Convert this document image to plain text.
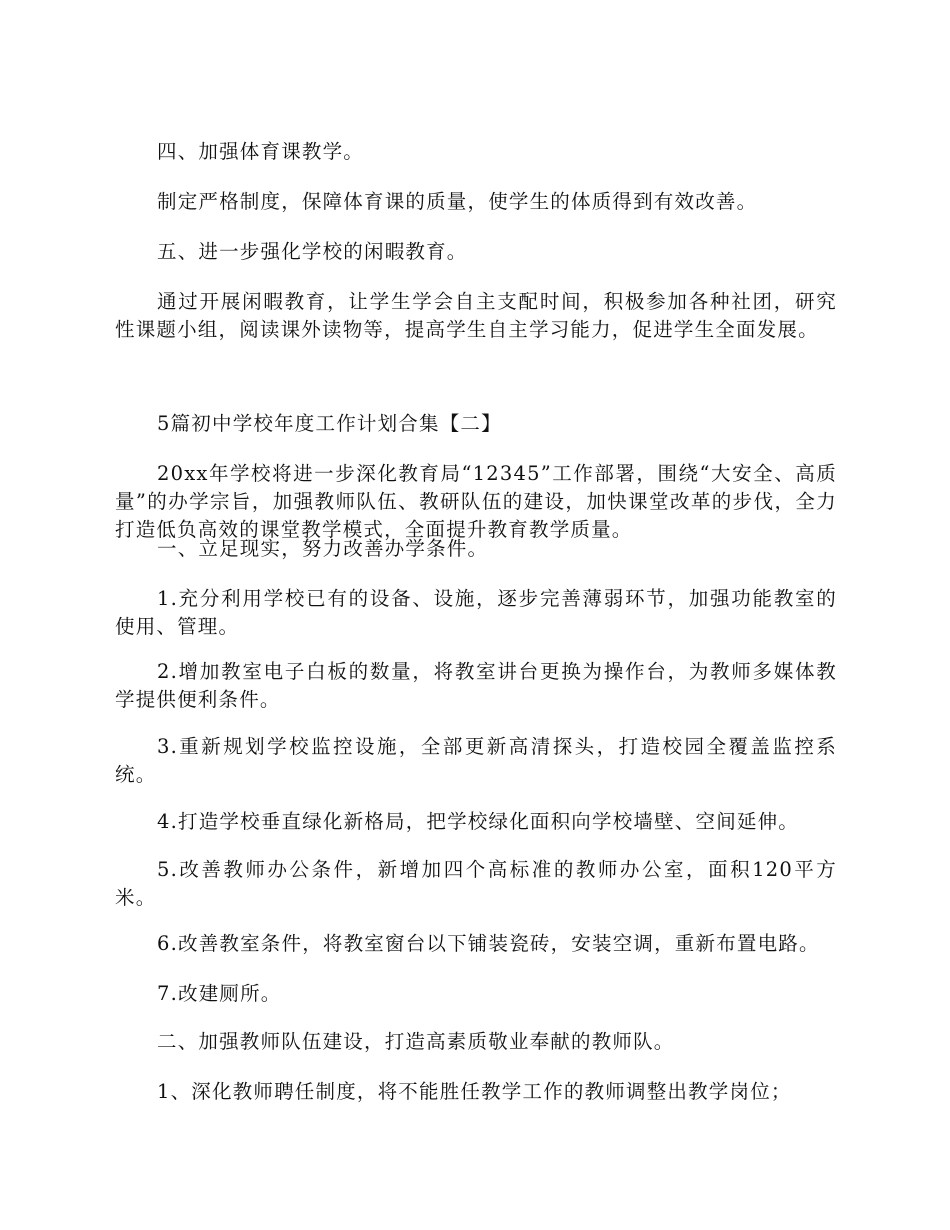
四、加强体育课教学。

制定严格制度，保障体育课的质量，使学生的体质得到有效改善。

五、进一步强化学校的闲暇教育。

通过开展闲暇教育，让学生学会自主支配时间，积极参加各种社团，研究性课题小组，阅读课外读物等，提高学生自主学习能力，促进学生全面发展。

5篇初中学校年度工作计划合集【二】

20xx年学校将进一步深化教育局“12345”工作部署，围绕“大安全、高质量”的办学宗旨，加强教师队伍、教研队伍的建设，加快课堂改革的步伐，全力打造低负高效的课堂教学模式，全面提升教育教学质量。

一、立足现实，努力改善办学条件。

1.充分利用学校已有的设备、设施，逐步完善薄弱环节，加强功能教室的使用、管理。

2.增加教室电子白板的数量，将教室讲台更换为操作台，为教师多媒体教学提供便利条件。

3.重新规划学校监控设施，全部更新高清探头，打造校园全覆盖监控系统。

4.打造学校垂直绿化新格局，把学校绿化面积向学校墙壁、空间延伸。

5.改善教师办公条件，新增加四个高标准的教师办公室，面积120平方米。

6.改善教室条件，将教室窗台以下铺装瓷砖，安装空调，重新布置电路。

7.改建厕所。

二、加强教师队伍建设，打造高素质敬业奉献的教师队。

1、深化教师聘任制度，将不能胜任教学工作的教师调整出教学岗位；
